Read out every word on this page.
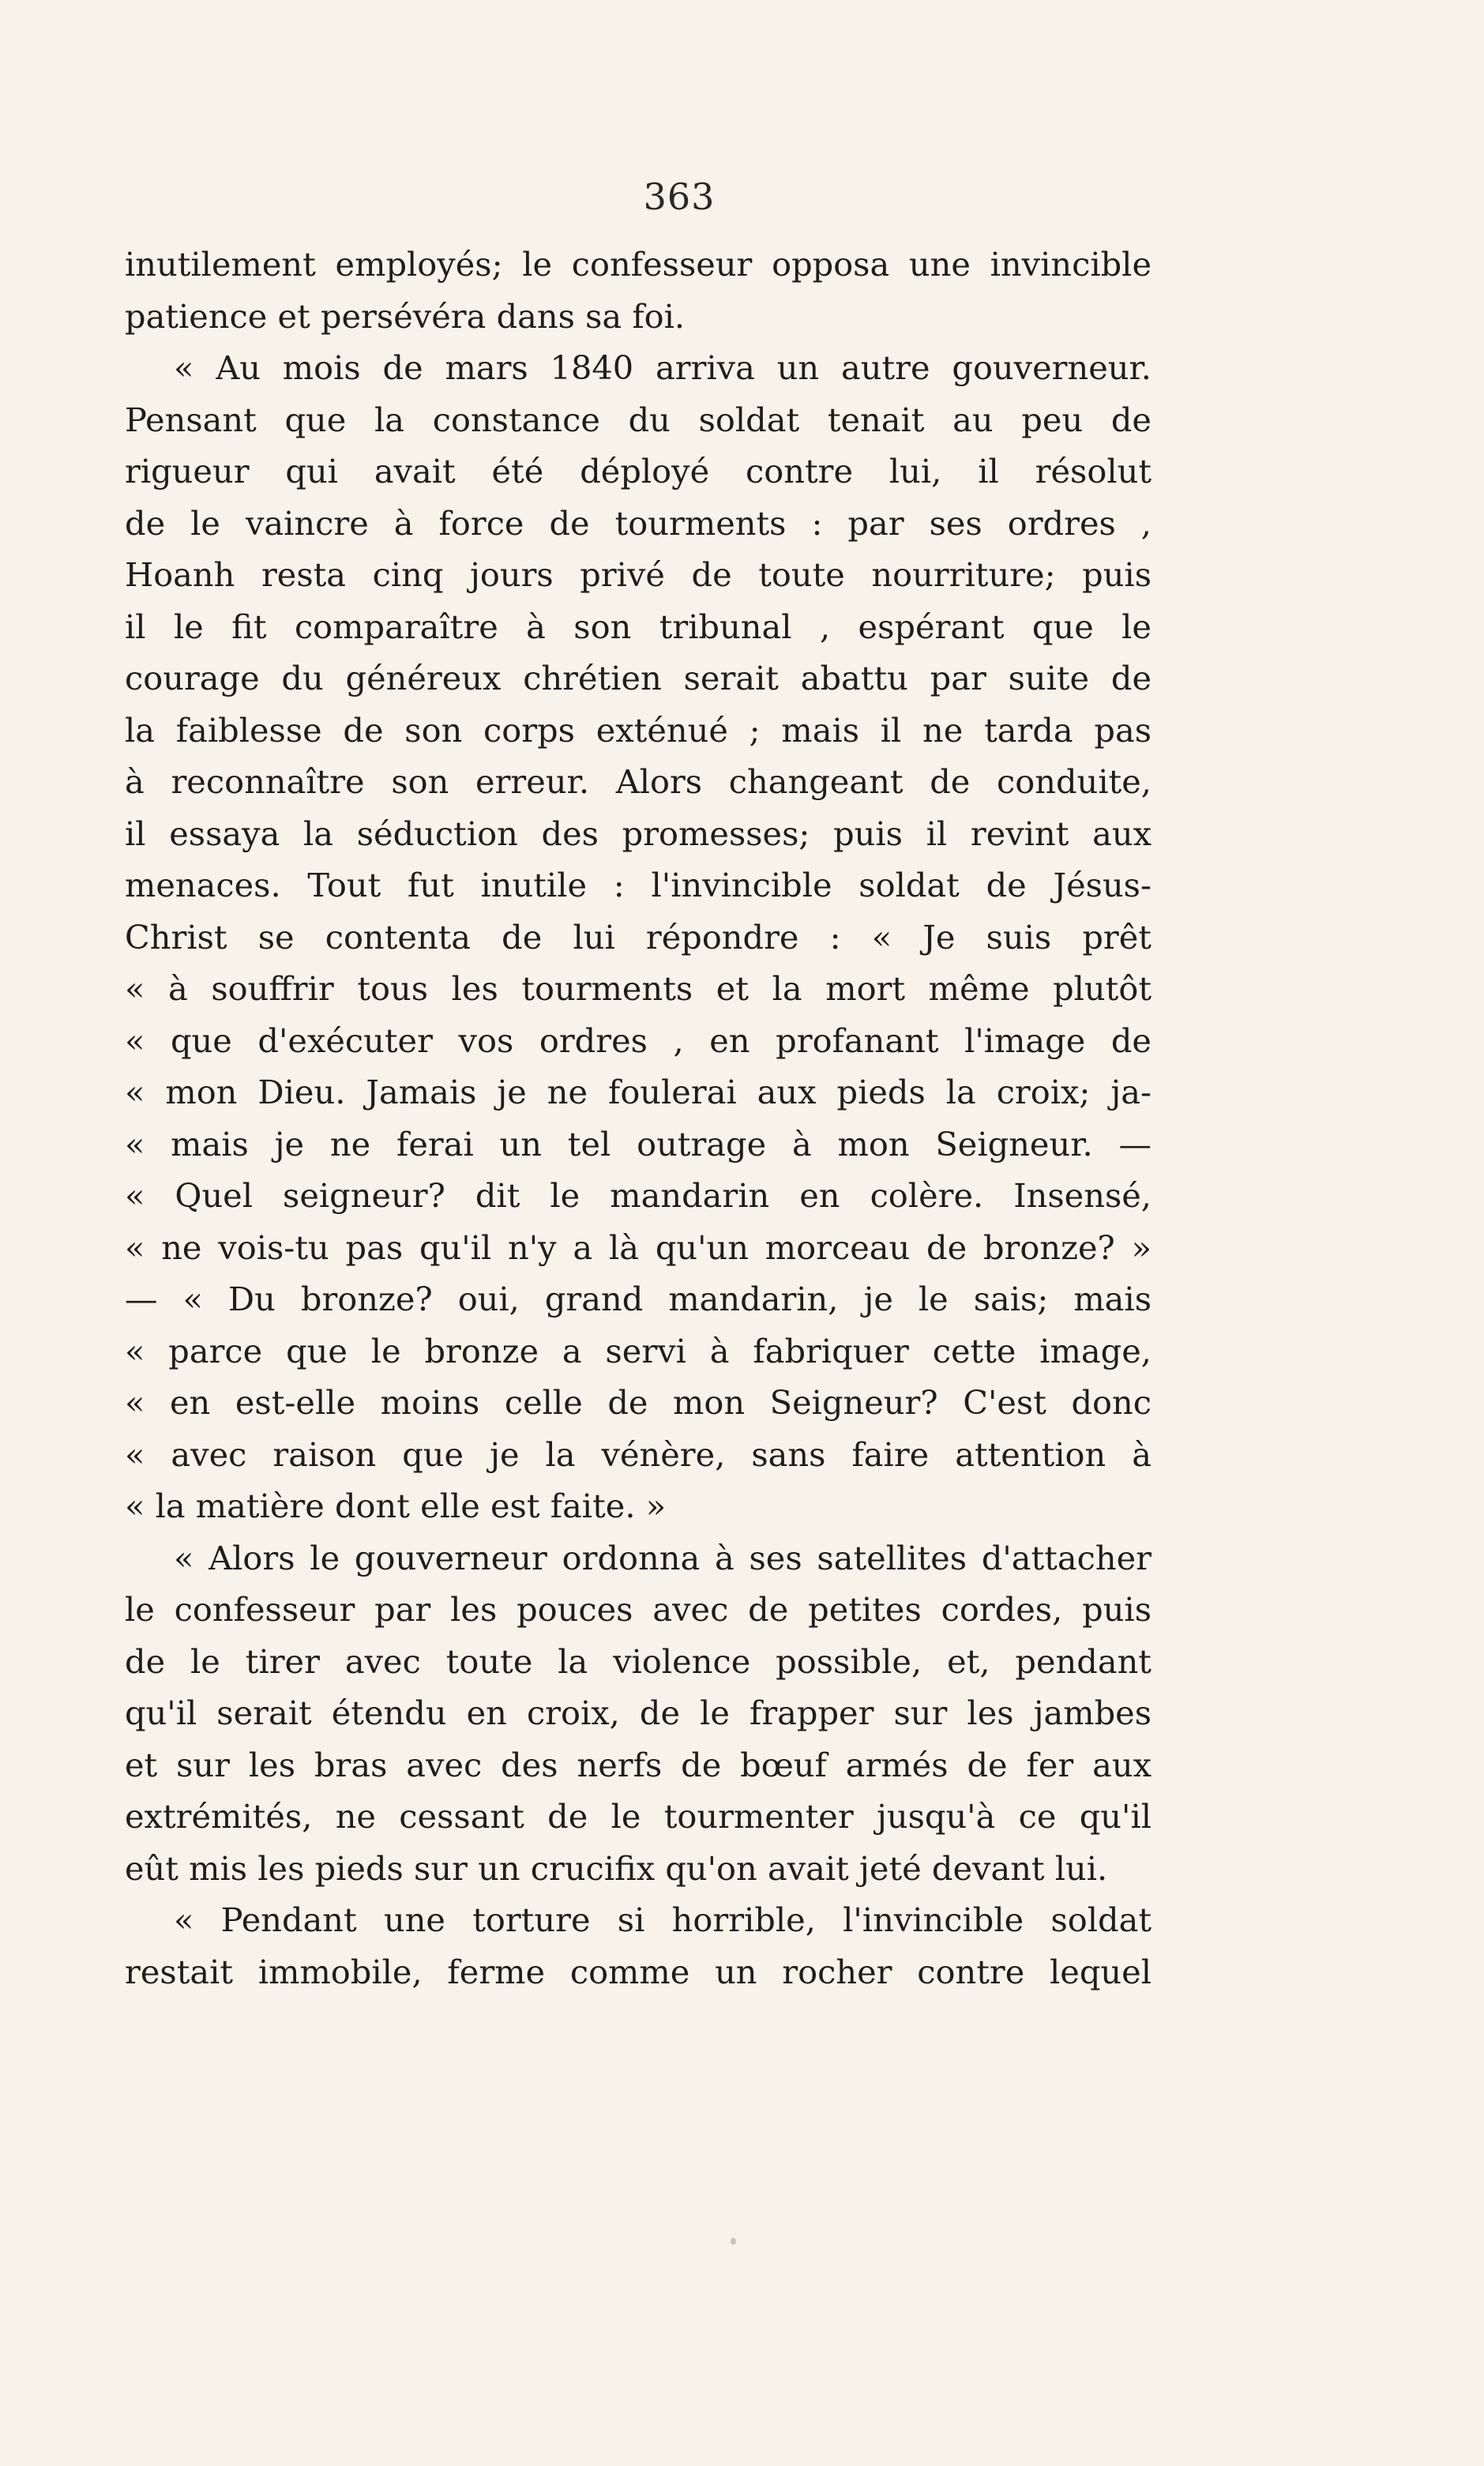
363
inutilement employés; le confesseur opposa une invincible
patience et persévéra dans sa foi.
« Au mois de mars 1840 arriva un autre gouverneur.
Pensant que la constance du soldat tenait au peu de
rigueur qui avait été déployé contre lui, il résolut
de le vaincre à force de tourments : par ses ordres ,
Hoanh resta cinq jours privé de toute nourriture; puis
il le fit comparaître à son tribunal , espérant que le
courage du généreux chrétien serait abattu par suite de
la faiblesse de son corps exténué ; mais il ne tarda pas
à reconnaître son erreur. Alors changeant de conduite,
il essaya la séduction des promesses; puis il revint aux
menaces. Tout fut inutile : l'invincible soldat de Jésus-
Christ se contenta de lui répondre : « Je suis prêt
« à souffrir tous les tourments et la mort même plutôt
« que d'exécuter vos ordres , en profanant l'image de
« mon Dieu. Jamais je ne foulerai aux pieds la croix; ja-
« mais je ne ferai un tel outrage à mon Seigneur. —
« Quel seigneur? dit le mandarin en colère. Insensé,
« ne vois-tu pas qu'il n'y a là qu'un morceau de bronze? »
— « Du bronze? oui, grand mandarin, je le sais; mais
« parce que le bronze a servi à fabriquer cette image,
« en est-elle moins celle de mon Seigneur? C'est donc
« avec raison que je la vénère, sans faire attention à
« la matière dont elle est faite. »
« Alors le gouverneur ordonna à ses satellites d'attacher
le confesseur par les pouces avec de petites cordes, puis
de le tirer avec toute la violence possible, et, pendant
qu'il serait étendu en croix, de le frapper sur les jambes
et sur les bras avec des nerfs de bœuf armés de fer aux
extrémités, ne cessant de le tourmenter jusqu'à ce qu'il
eût mis les pieds sur un crucifix qu'on avait jeté devant lui.
« Pendant une torture si horrible, l'invincible soldat
restait immobile, ferme comme un rocher contre lequel
